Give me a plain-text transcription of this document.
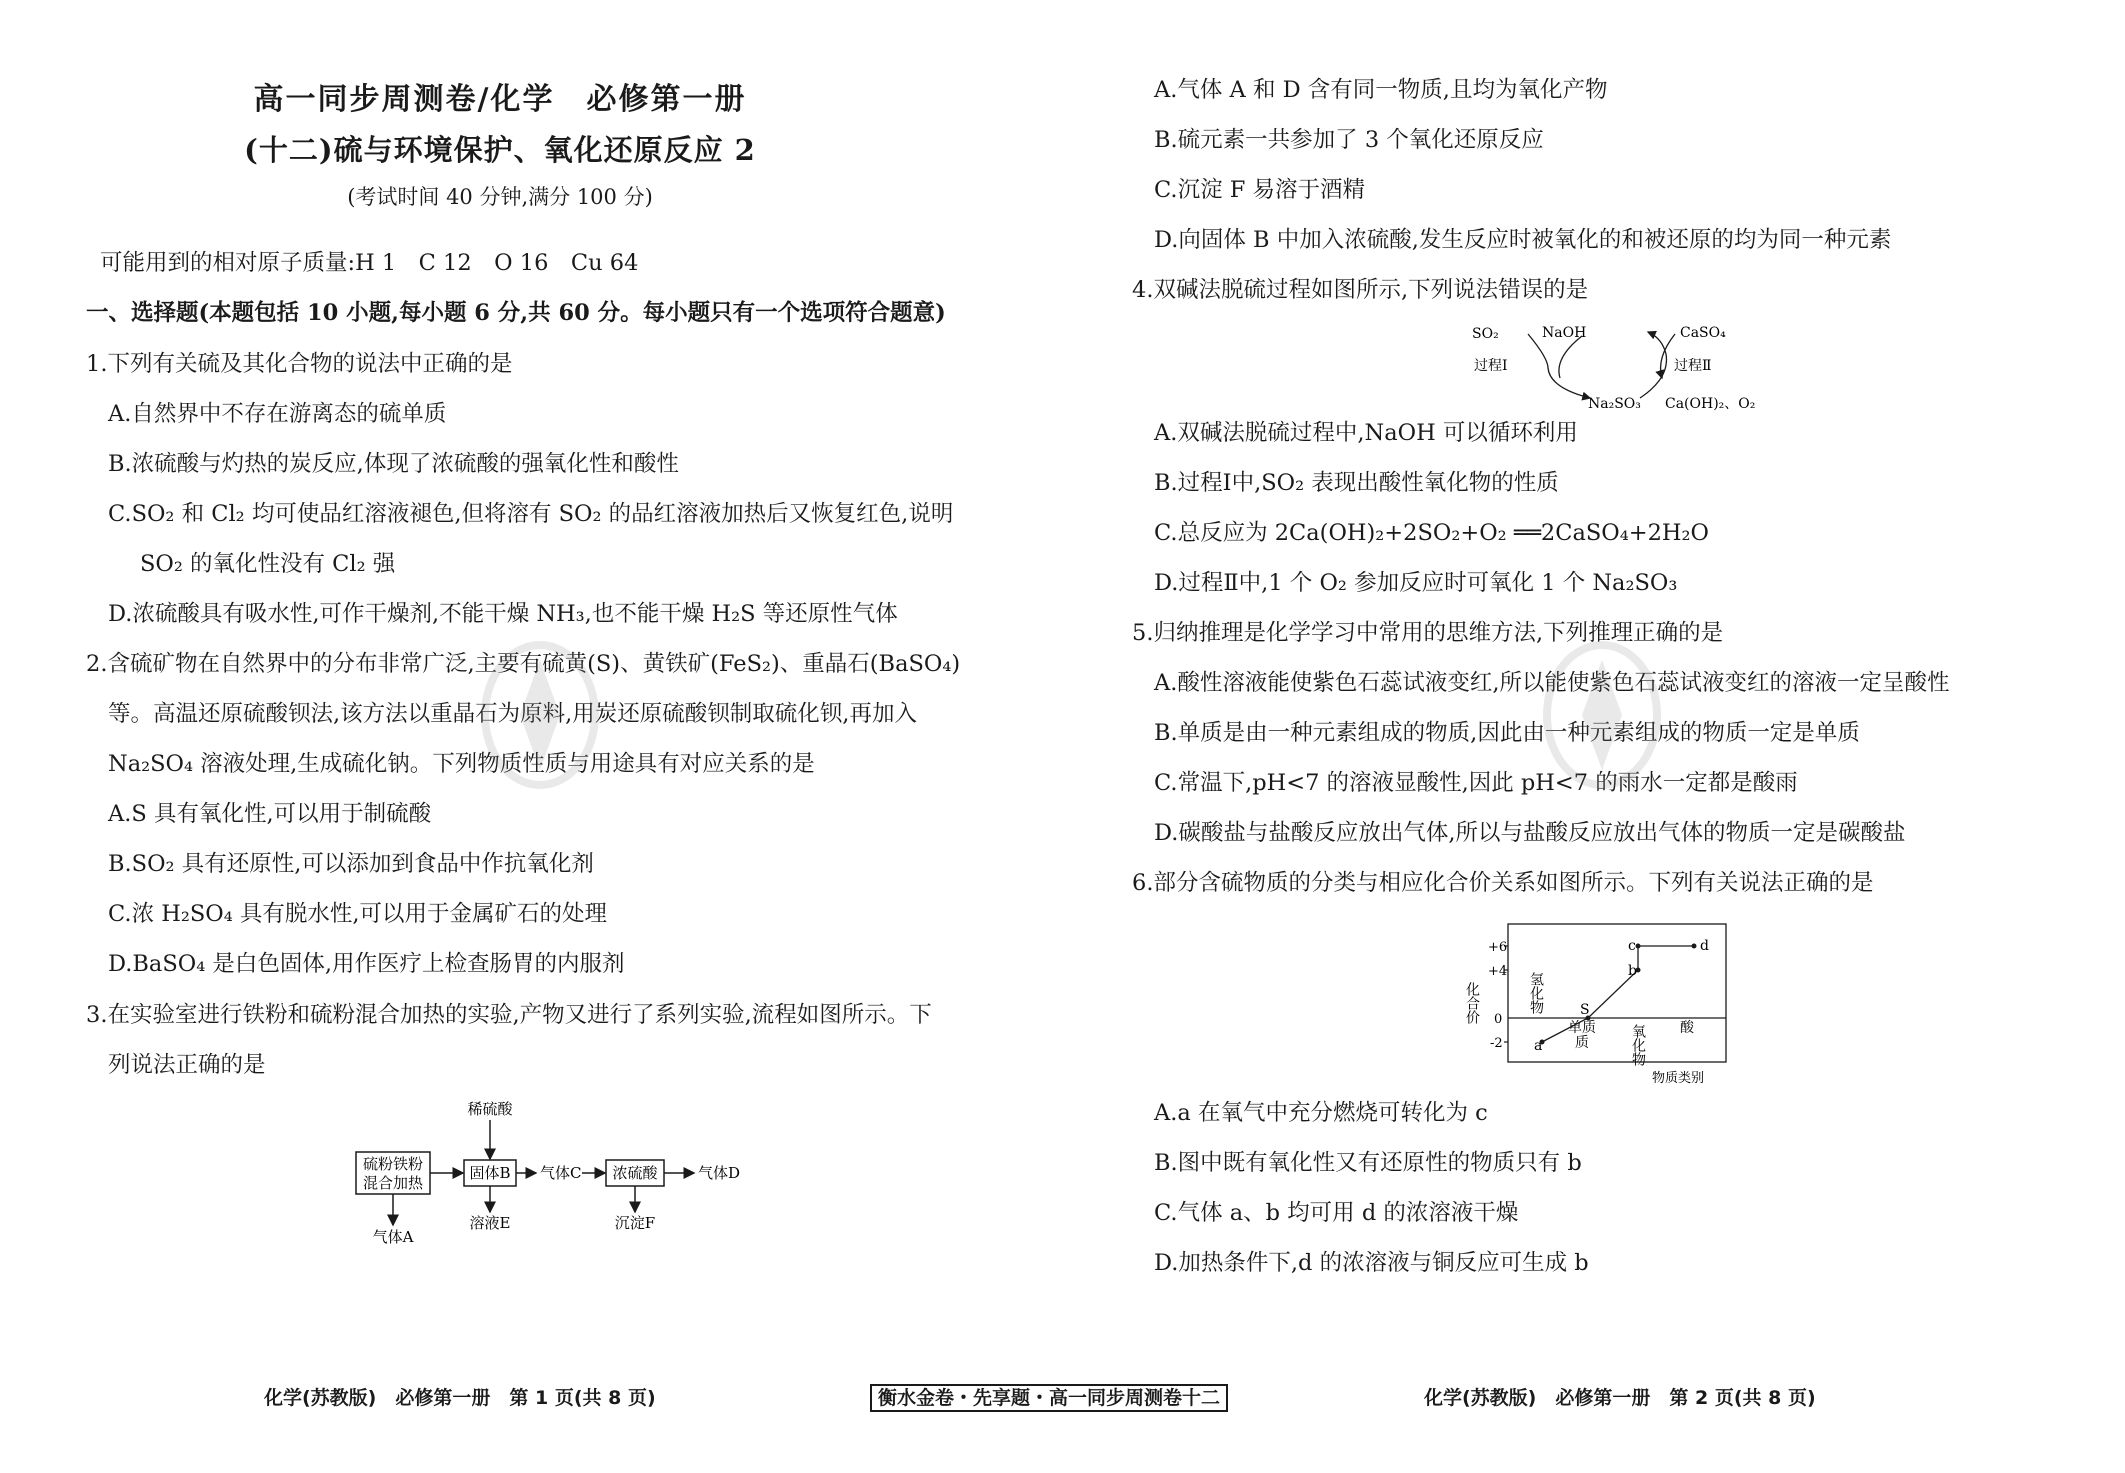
高一同步周测卷/化学　必修第一册
(十二)硫与环境保护、氧化还原反应 2
(考试时间 40 分钟,满分 100 分)
可能用到的相对原子质量:H 1　C 12　O 16　Cu 64
一、选择题(本题包括 10 小题,每小题 6 分,共 60 分。每小题只有一个选项符合题意)
1.下列有关硫及其化合物的说法中正确的是
A.自然界中不存在游离态的硫单质
B.浓硫酸与灼热的炭反应,体现了浓硫酸的强氧化性和酸性
C.SO₂ 和 Cl₂ 均可使品红溶液褪色,但将溶有 SO₂ 的品红溶液加热后又恢复红色,说明
SO₂ 的氧化性没有 Cl₂ 强
D.浓硫酸具有吸水性,可作干燥剂,不能干燥 NH₃,也不能干燥 H₂S 等还原性气体
2.含硫矿物在自然界中的分布非常广泛,主要有硫黄(S)、黄铁矿(FeS₂)、重晶石(BaSO₄)
等。高温还原硫酸钡法,该方法以重晶石为原料,用炭还原硫酸钡制取硫化钡,再加入
Na₂SO₄ 溶液处理,生成硫化钠。下列物质性质与用途具有对应关系的是
A.S 具有氧化性,可以用于制硫酸
B.SO₂ 具有还原性,可以添加到食品中作抗氧化剂
C.浓 H₂SO₄ 具有脱水性,可以用于金属矿石的处理
D.BaSO₄ 是白色固体,用作医疗上检查肠胃的内服剂
3.在实验室进行铁粉和硫粉混合加热的实验,产物又进行了系列实验,流程如图所示。下
列说法正确的是
硫粉铁粉
混合加热
固体B
稀硫酸
溶液E
气体C 浓硫酸	气体D
沉淀F
气体A
A.气体 A 和 D 含有同一物质,且均为氧化产物
B.硫元素一共参加了 3 个氧化还原反应
C.沉淀 F 易溶于酒精
D.向固体 B 中加入浓硫酸,发生反应时被氧化的和被还原的均为同一种元素
4.双碱法脱硫过程如图所示,下列说法错误的是
SO₂	NaOH	CaSO₄
过程Ⅰ	过程Ⅱ
Na₂SO₃ Ca(OH)₂、O₂
A.双碱法脱硫过程中,NaOH 可以循环利用
B.过程Ⅰ中,SO₂ 表现出酸性氧化物的性质
C.总反应为 2Ca(OH)₂+2SO₂+O₂ ══2CaSO₄+2H₂O
D.过程Ⅱ中,1 个 O₂ 参加反应时可氧化 1 个 Na₂SO₃
5.归纳推理是化学学习中常用的思维方法,下列推理正确的是
A.酸性溶液能使紫色石蕊试液变红,所以能使紫色石蕊试液变红的溶液一定呈酸性
B.单质是由一种元素组成的物质,因此由一种元素组成的物质一定是单质
C.常温下,pH<7 的溶液显酸性,因此 pH<7 的雨水一定都是酸雨
D.碳酸盐与盐酸反应放出气体,所以与盐酸反应放出气体的物质一定是碳酸盐
6.部分含硫物质的分类与相应化合价关系如图所示。下列有关说法正确的是
化合价
+6
+4
0
-2
氢化物
单质
质	氧化物 酸
物质类别
a
S
b
c	d
A.a 在氧气中充分燃烧可转化为 c
B.图中既有氧化性又有还原性的物质只有 b
C.气体 a、b 均可用 d 的浓溶液干燥
D.加热条件下,d 的浓溶液与铜反应可生成 b
化学(苏教版)　必修第一册　第 1 页(共 8 页)	衡水金卷・先享题・高一同步周测卷十二	化学(苏教版)　必修第一册　第 2 页(共 8 页)
